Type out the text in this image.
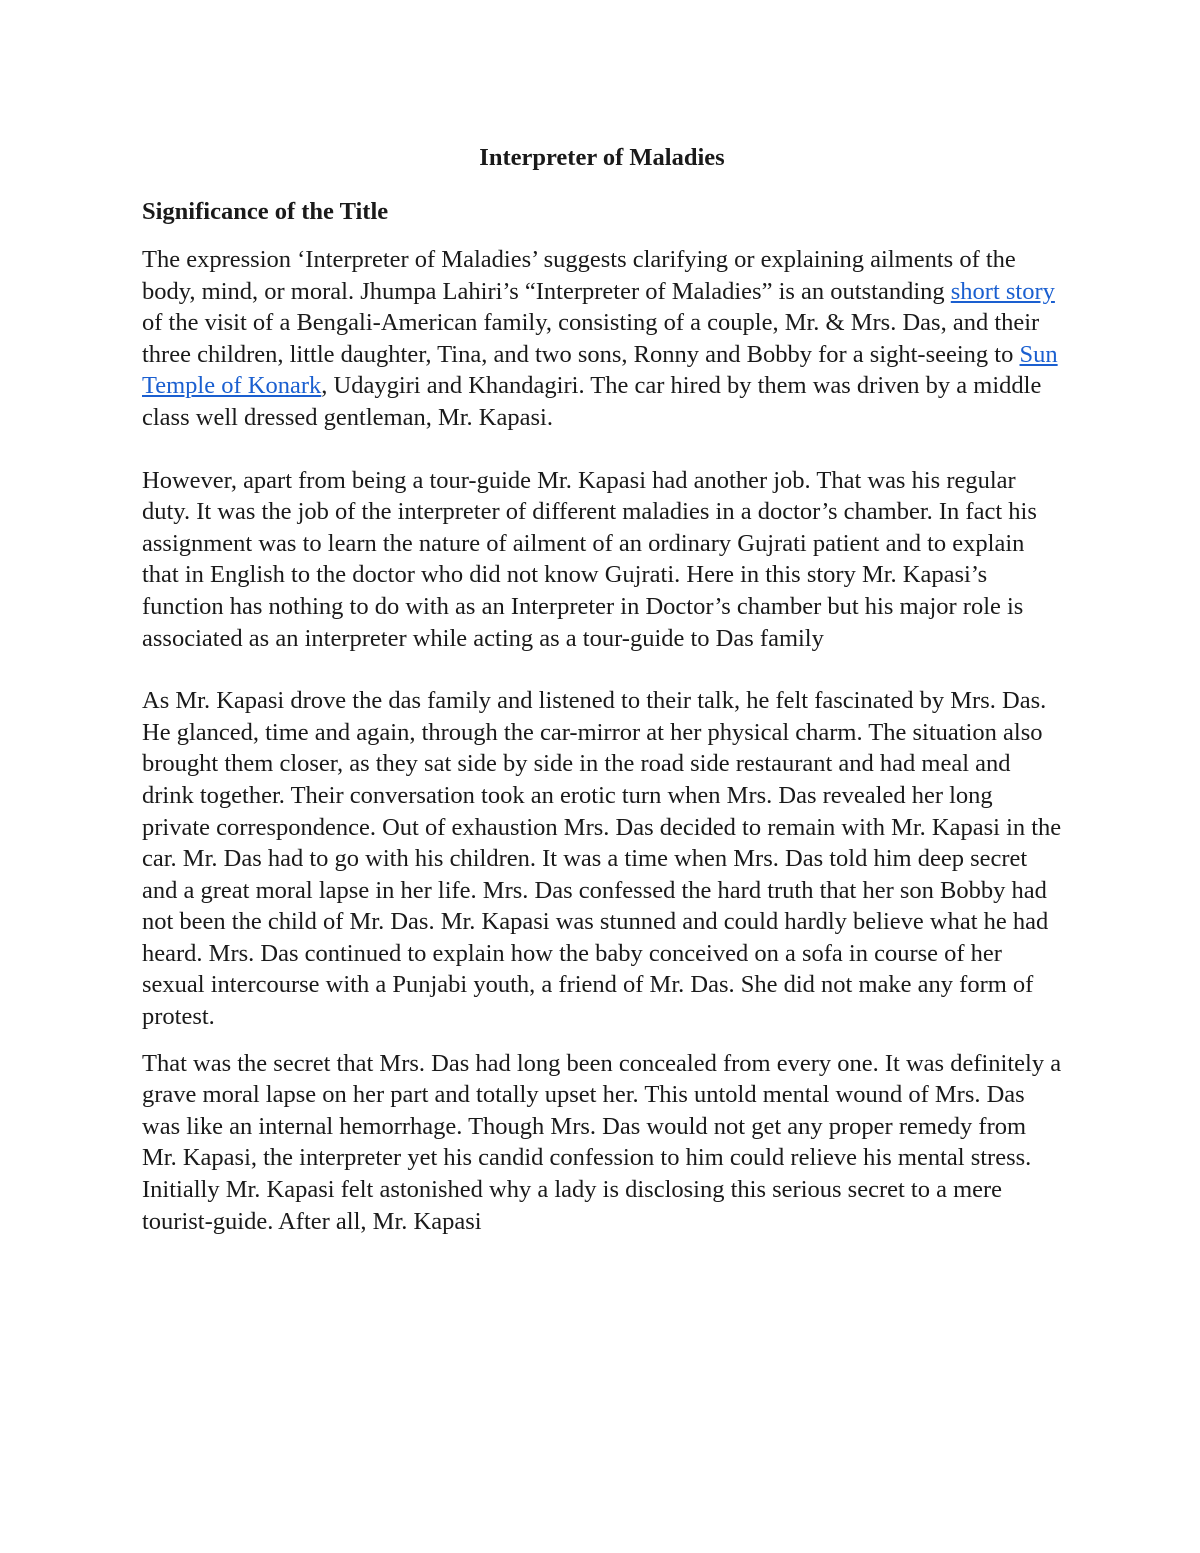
Interpreter of Maladies
Significance of the Title

The expression ‘Interpreter of Maladies’ suggests clarifying or explaining ailments of the body, mind, or moral. Jhumpa Lahiri’s “Interpreter of Maladies” is an outstanding short story of the visit of a Bengali-American family, consisting of a couple, Mr. & Mrs. Das, and their three children, little daughter, Tina, and two sons, Ronny and Bobby for a sight-seeing to Sun Temple of Konark, Udaygiri and Khandagiri. The car hired by them was driven by a middle class well dressed gentleman, Mr. Kapasi.

However, apart from being a tour-guide Mr. Kapasi had another job. That was his regular duty. It was the job of the interpreter of different maladies in a doctor’s chamber. In fact his assignment was to learn the nature of ailment of an ordinary Gujrati patient and to explain that in English to the doctor who did not know Gujrati. Here in this story Mr. Kapasi’s function has nothing to do with as an Interpreter in Doctor’s chamber but his major role is associated as an interpreter while acting as a tour-guide to Das family

As Mr. Kapasi drove the das family and listened to their talk, he felt fascinated by Mrs. Das. He glanced, time and again, through the car-mirror at her physical charm. The situation also brought them closer, as they sat side by side in the road side restaurant and had meal and drink together. Their conversation took an erotic turn when Mrs. Das revealed her long private correspondence. Out of exhaustion Mrs. Das decided to remain with Mr. Kapasi in the car. Mr. Das had to go with his children. It was a time when Mrs. Das told him deep secret and a great moral lapse in her life. Mrs. Das confessed the hard truth that her son Bobby had not been the child of Mr. Das. Mr. Kapasi was stunned and could hardly believe what he had heard. Mrs. Das continued to explain how the baby conceived on a sofa in course of her sexual intercourse with a Punjabi youth, a friend of Mr. Das. She did not make any form of protest.

That was the secret that Mrs. Das had long been concealed from every one. It was definitely a grave moral lapse on her part and totally upset her. This untold mental wound of Mrs. Das was like an internal hemorrhage. Though Mrs. Das would not get any proper remedy from Mr. Kapasi, the interpreter yet his candid confession to him could relieve his mental stress. Initially Mr. Kapasi felt astonished why a lady is disclosing this serious secret to a mere tourist-guide. After all, Mr. Kapasi
